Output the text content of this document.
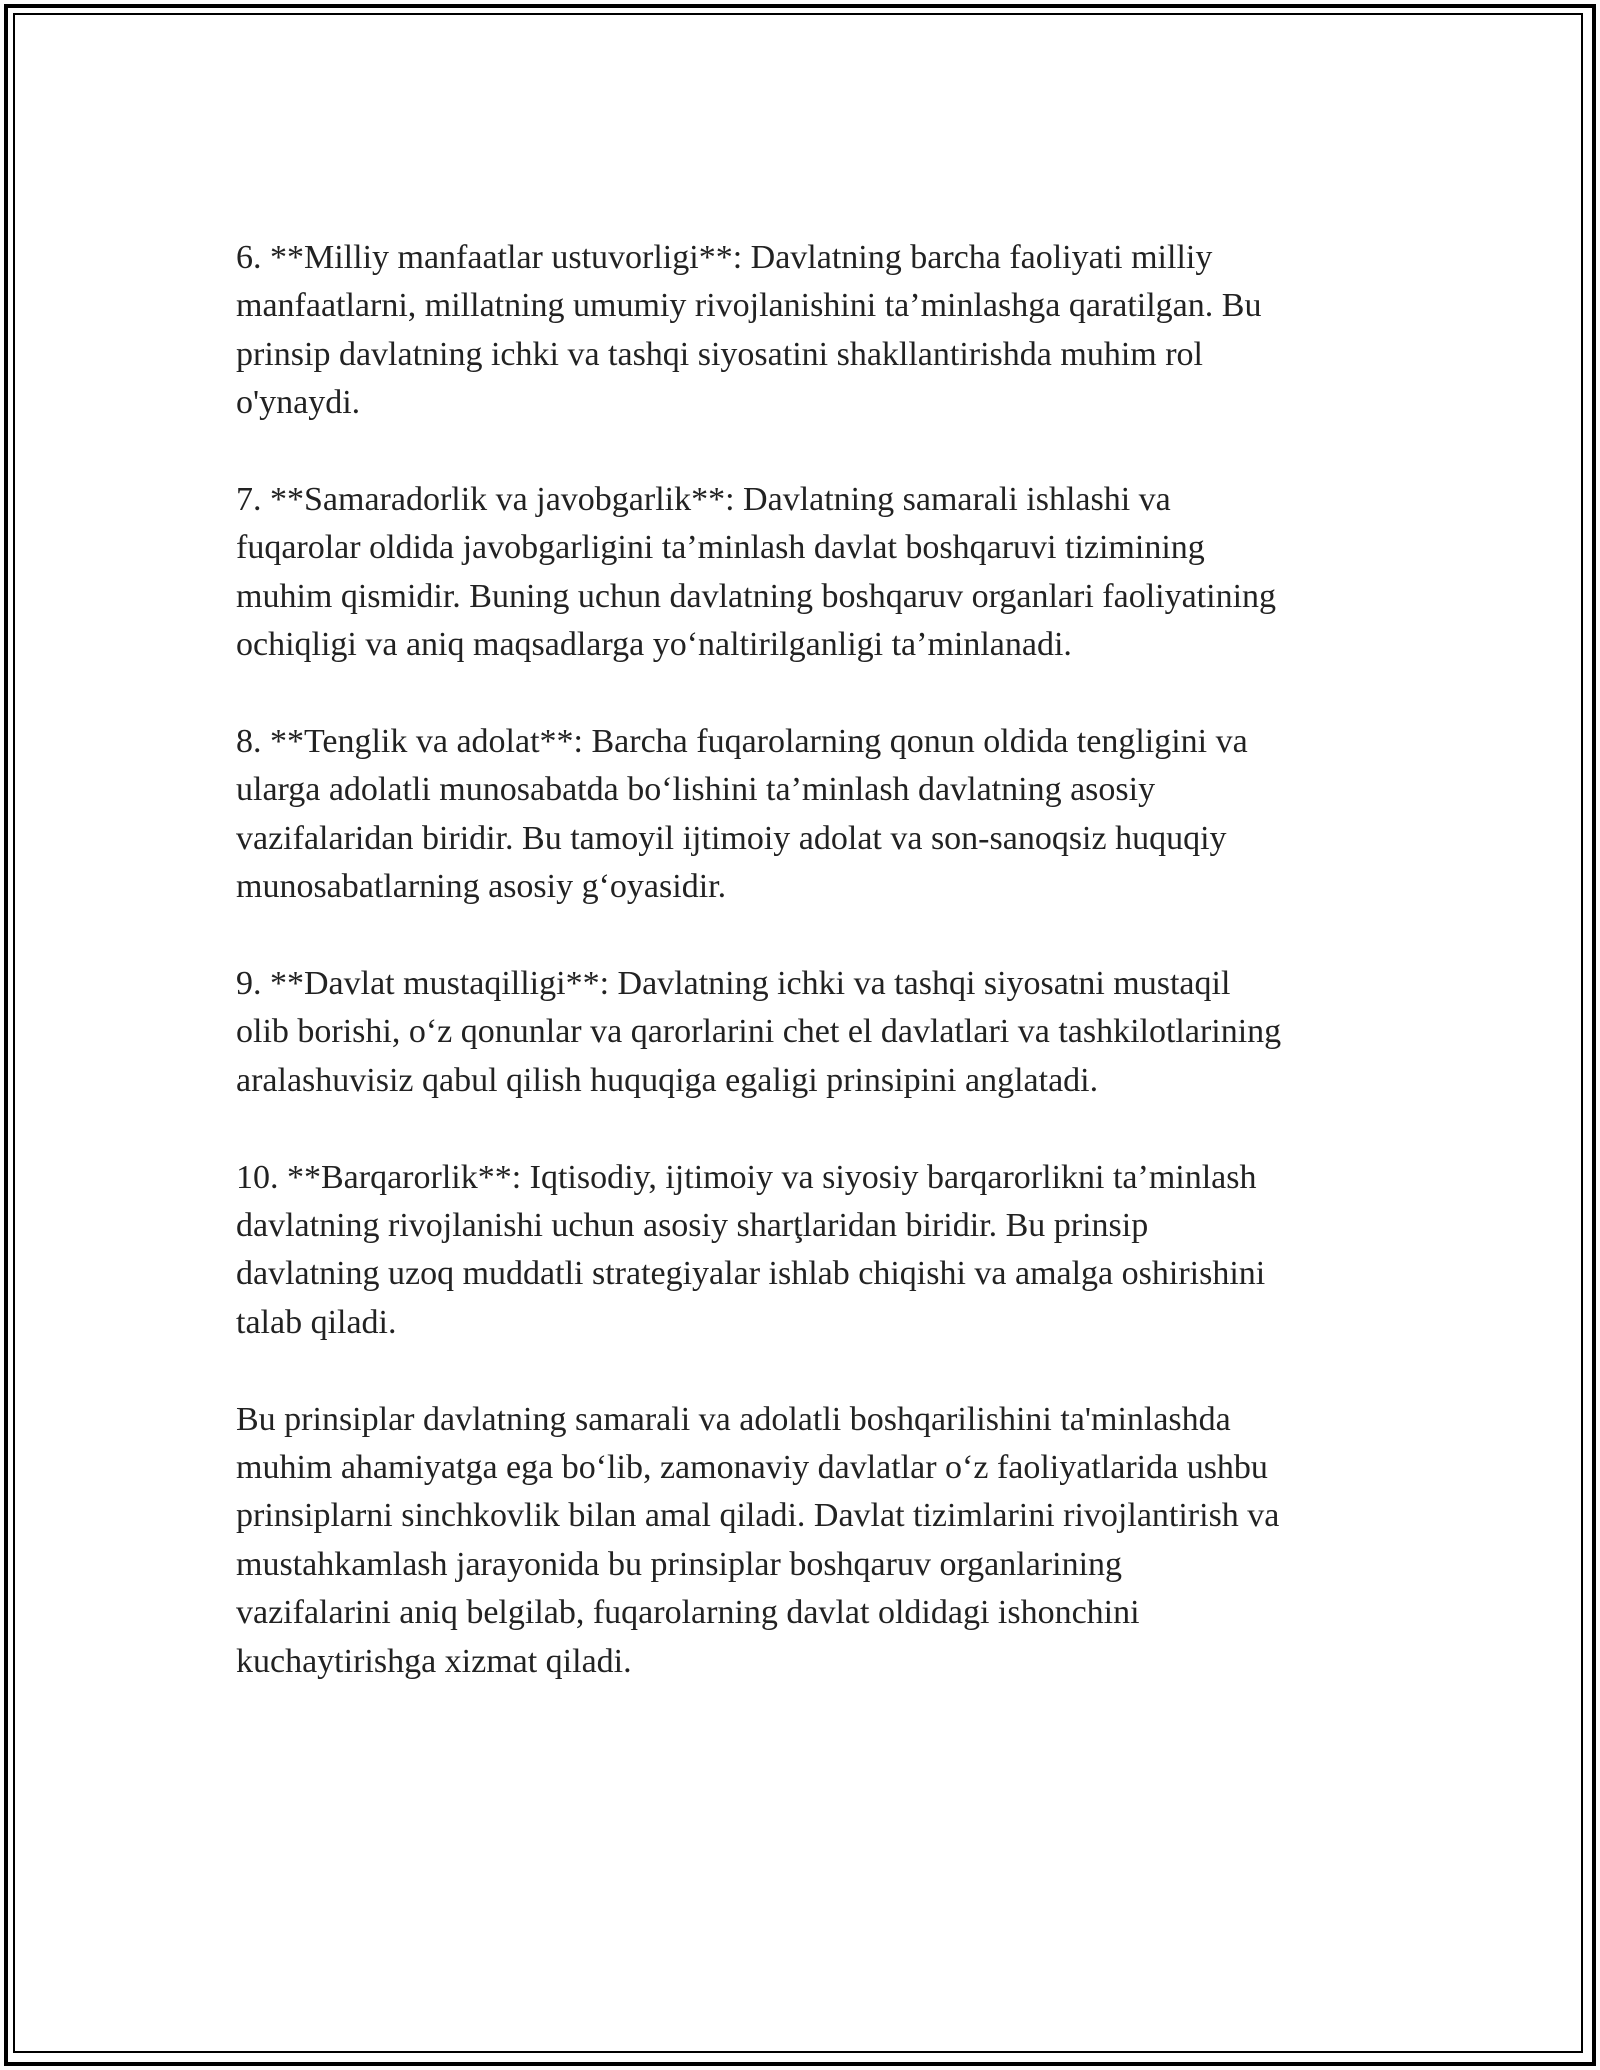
6. **Milliy manfaatlar ustuvorligi**: Davlatning barcha faoliyati milliy
manfaatlarni, millatning umumiy rivojlanishini ta’minlashga qaratilgan. Bu
prinsip davlatning ichki va tashqi siyosatini shakllantirishda muhim rol
o'ynaydi.

7. **Samaradorlik va javobgarlik**: Davlatning samarali ishlashi va
fuqarolar oldida javobgarligini ta’minlash davlat boshqaruvi tizimining
muhim qismidir. Buning uchun davlatning boshqaruv organlari faoliyatining
ochiqligi va aniq maqsadlarga yo‘naltirilganligi ta’minlanadi.

8. **Tenglik va adolat**: Barcha fuqarolarning qonun oldida tengligini va
ularga adolatli munosabatda bo‘lishini ta’minlash davlatning asosiy
vazifalaridan biridir. Bu tamoyil ijtimoiy adolat va son-sanoqsiz huquqiy
munosabatlarning asosiy g‘oyasidir.

9. **Davlat mustaqilligi**: Davlatning ichki va tashqi siyosatni mustaqil
olib borishi, o‘z qonunlar va qarorlarini chet el davlatlari va tashkilotlarining
aralashuvisiz qabul qilish huquqiga egaligi prinsipini anglatadi.

10. **Barqarorlik**: Iqtisodiy, ijtimoiy va siyosiy barqarorlikni ta’minlash
davlatning rivojlanishi uchun asosiy sharţlaridan biridir. Bu prinsip
davlatning uzoq muddatli strategiyalar ishlab chiqishi va amalga oshirishini
talab qiladi.

Bu prinsiplar davlatning samarali va adolatli boshqarilishini ta'minlashda
muhim ahamiyatga ega bo‘lib, zamonaviy davlatlar o‘z faoliyatlarida ushbu
prinsiplarni sinchkovlik bilan amal qiladi. Davlat tizimlarini rivojlantirish va
mustahkamlash jarayonida bu prinsiplar boshqaruv organlarining
vazifalarini aniq belgilab, fuqarolarning davlat oldidagi ishonchini
kuchaytirishga xizmat qiladi.
